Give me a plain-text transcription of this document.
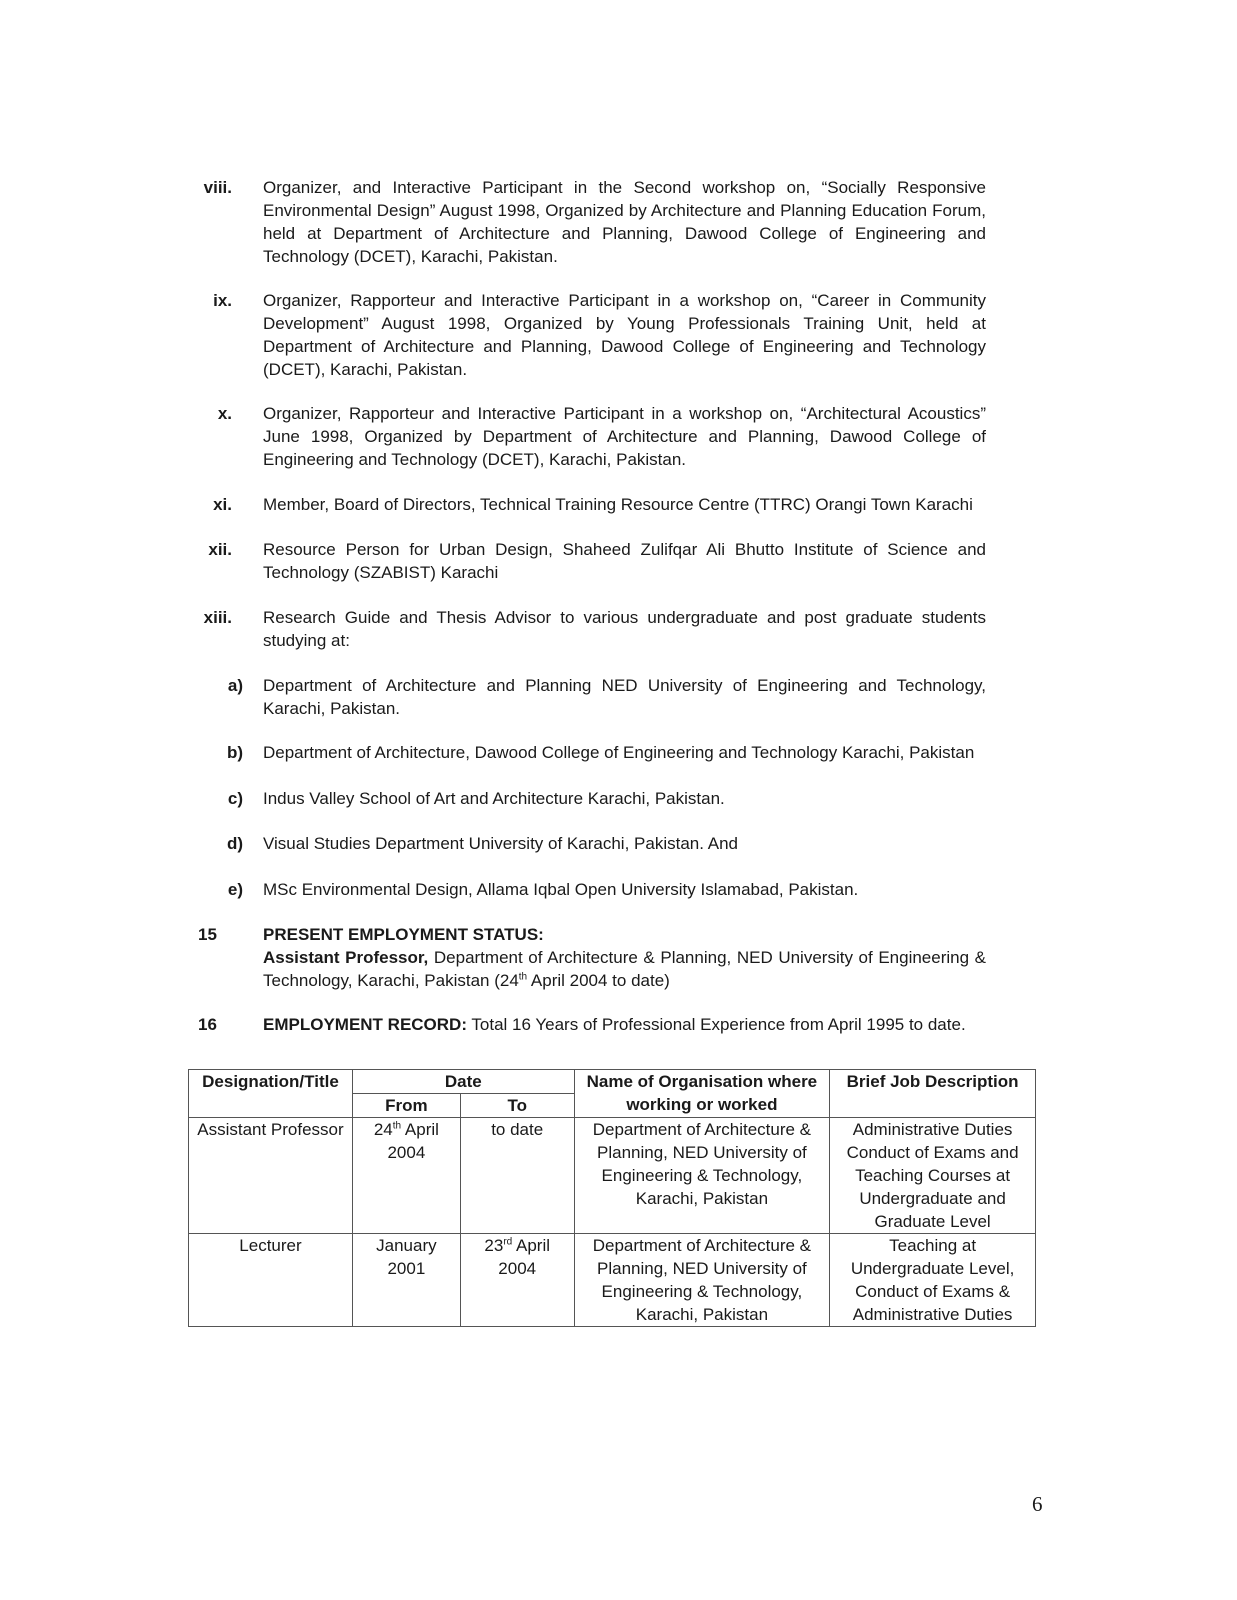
viii. Organizer, and Interactive Participant in the Second workshop on, “Socially Responsive Environmental Design” August 1998, Organized by Architecture and Planning Education Forum, held at Department of Architecture and Planning, Dawood College of Engineering and Technology (DCET), Karachi, Pakistan.
ix. Organizer, Rapporteur and Interactive Participant in a workshop on, “Career in Community Development” August 1998, Organized by Young Professionals Training Unit, held at Department of Architecture and Planning, Dawood College of Engineering and Technology (DCET), Karachi, Pakistan.
x. Organizer, Rapporteur and Interactive Participant in a workshop on, “Architectural Acoustics” June 1998, Organized by Department of Architecture and Planning, Dawood College of Engineering and Technology (DCET), Karachi, Pakistan.
xi. Member, Board of Directors, Technical Training Resource Centre (TTRC) Orangi Town Karachi
xii. Resource Person for Urban Design, Shaheed Zulifqar Ali Bhutto Institute of Science and Technology (SZABIST) Karachi
xiii. Research Guide and Thesis Advisor to various undergraduate and post graduate students studying at:
a) Department of Architecture and Planning NED University of Engineering and Technology, Karachi, Pakistan.
b) Department of Architecture, Dawood College of Engineering and Technology Karachi, Pakistan
c) Indus Valley School of Art and Architecture Karachi, Pakistan.
d) Visual Studies Department University of Karachi, Pakistan. And
e) MSc Environmental Design, Allama Iqbal Open University Islamabad, Pakistan.
15	PRESENT EMPLOYMENT STATUS:
Assistant Professor, Department of Architecture & Planning, NED University of Engineering & Technology, Karachi, Pakistan (24th April 2004 to date)
16	EMPLOYMENT RECORD: Total 16 Years of Professional Experience from April 1995 to date.
Designation/Title	Date		Name of Organisation where working or worked	Brief Job Description
	From	To		
Assistant Professor	24th April 2004	to date	Department of Architecture & Planning, NED University of Engineering & Technology, Karachi, Pakistan	Administrative Duties Conduct of Exams and Teaching Courses at Undergraduate and Graduate Level
Lecturer	January 2001	23rd April 2004	Department of Architecture & Planning, NED University of Engineering & Technology, Karachi, Pakistan	Teaching at Undergraduate Level, Conduct of Exams & Administrative Duties
6
